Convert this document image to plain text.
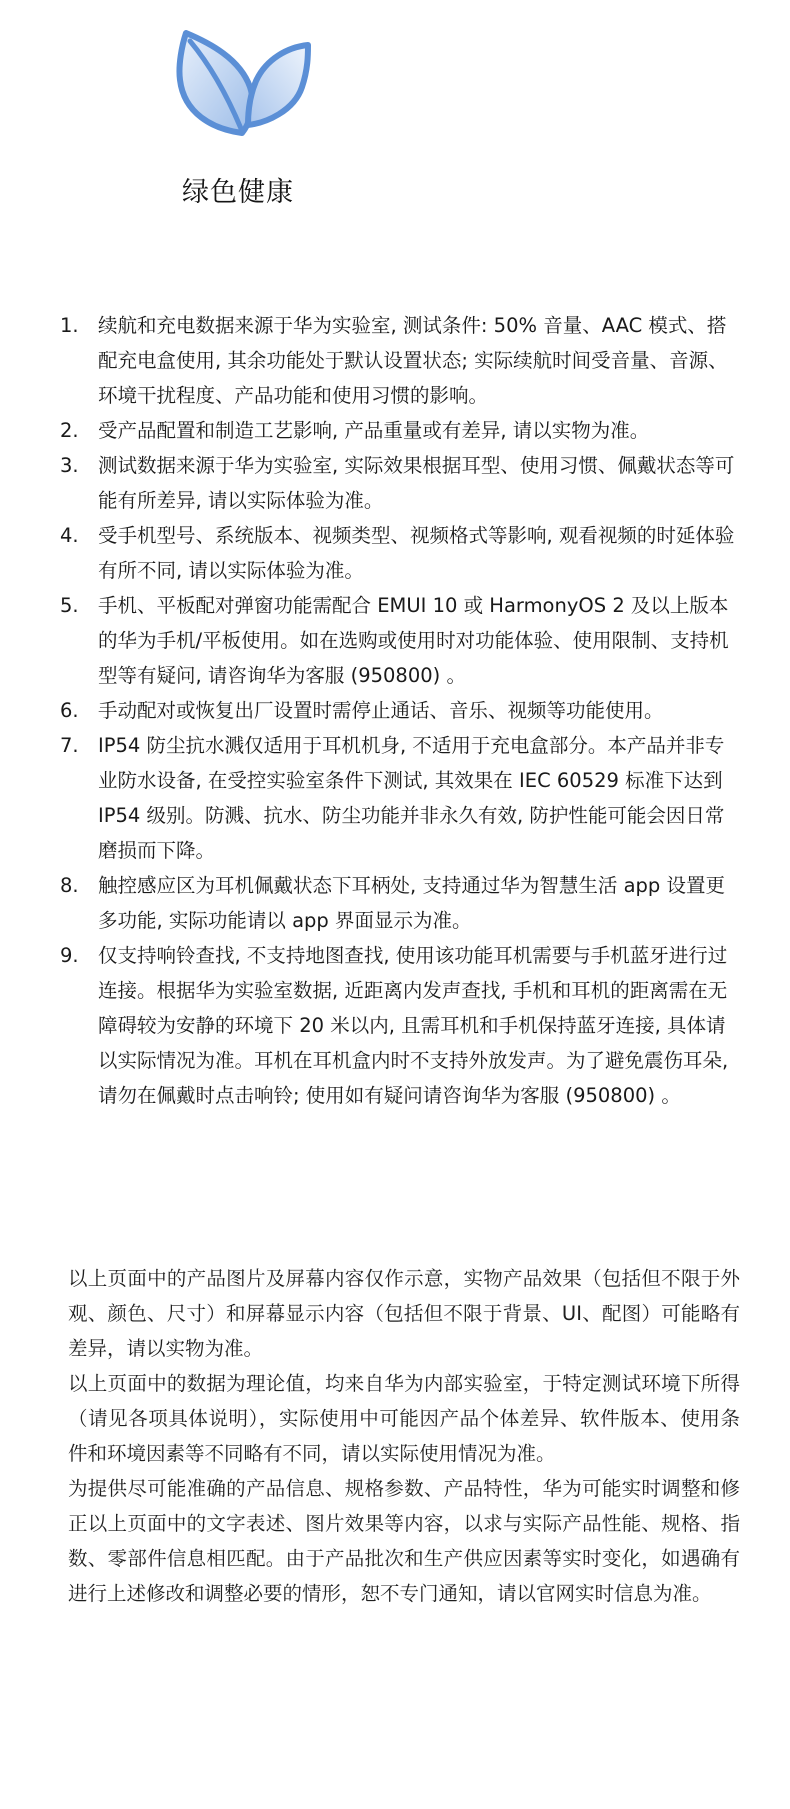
绿色健康
1. 续航和充电数据来源于华为实验室, 测试条件: 50% 音量、AAC 模式、搭配充电盒使用, 其余功能处于默认设置状态; 实际续航时间受音量、音源、环境干扰程度、产品功能和使用习惯的影响。
2. 受产品配置和制造工艺影响, 产品重量或有差异, 请以实物为准。
3. 测试数据来源于华为实验室, 实际效果根据耳型、使用习惯、佩戴状态等可能有所差异, 请以实际体验为准。
4. 受手机型号、系统版本、视频类型、视频格式等影响, 观看视频的时延体验有所不同, 请以实际体验为准。
5. 手机、平板配对弹窗功能需配合 EMUI 10 或 HarmonyOS 2 及以上版本的华为手机/平板使用。如在选购或使用时对功能体验、使用限制、支持机型等有疑问, 请咨询华为客服 (950800) 。
6. 手动配对或恢复出厂设置时需停止通话、音乐、视频等功能使用。
7. IP54 防尘抗水溅仅适用于耳机机身, 不适用于充电盒部分。本产品并非专业防水设备, 在受控实验室条件下测试, 其效果在 IEC 60529 标准下达到 IP54 级别。防溅、抗水、防尘功能并非永久有效, 防护性能可能会因日常磨损而下降。
8. 触控感应区为耳机佩戴状态下耳柄处, 支持通过华为智慧生活 app 设置更多功能, 实际功能请以 app 界面显示为准。
9. 仅支持响铃查找, 不支持地图查找, 使用该功能耳机需要与手机蓝牙进行过连接。根据华为实验室数据, 近距离内发声查找, 手机和耳机的距离需在无障碍较为安静的环境下 20 米以内, 且需耳机和手机保持蓝牙连接, 具体请以实际情况为准。耳机在耳机盒内时不支持外放发声。为了避免震伤耳朵, 请勿在佩戴时点击响铃; 使用如有疑问请咨询华为客服 (950800) 。

以上页面中的产品图片及屏幕内容仅作示意，实物产品效果（包括但不限于外观、颜色、尺寸）和屏幕显示内容（包括但不限于背景、UI、配图）可能略有差异，请以实物为准。

以上页面中的数据为理论值，均来自华为内部实验室，于特定测试环境下所得（请见各项具体说明），实际使用中可能因产品个体差异、软件版本、使用条件和环境因素等不同略有不同，请以实际使用情况为准。

为提供尽可能准确的产品信息、规格参数、产品特性，华为可能实时调整和修正以上页面中的文字表述、图片效果等内容，以求与实际产品性能、规格、指数、零部件信息相匹配。由于产品批次和生产供应因素等实时变化，如遇确有进行上述修改和调整必要的情形，恕不专门通知，请以官网实时信息为准。
